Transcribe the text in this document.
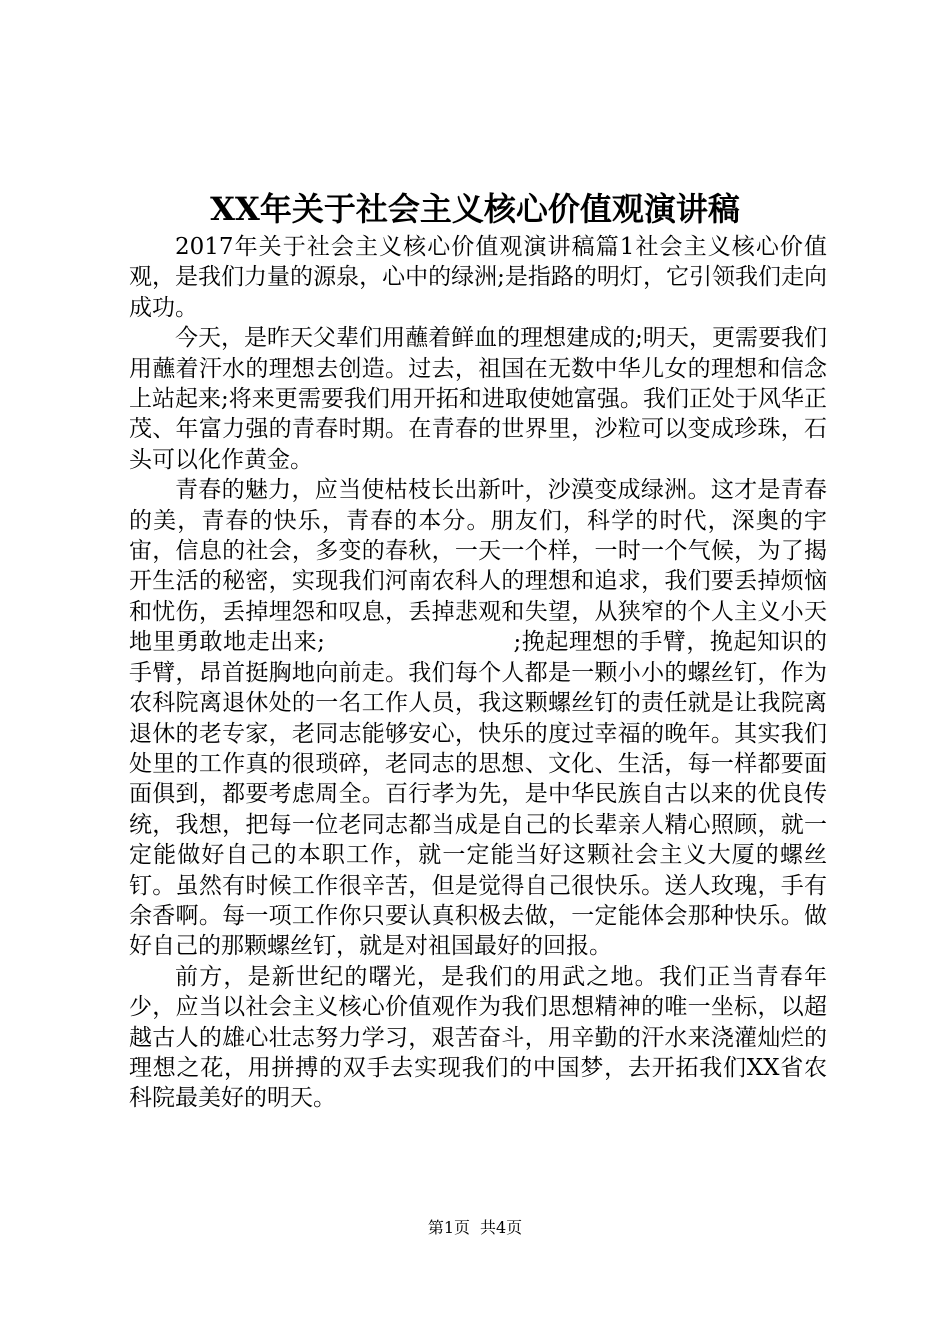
XX年关于社会主义核心价值观演讲稿

2017年关于社会主义核心价值观演讲稿篇1社会主义核心价值观，是我们力量的源泉，心中的绿洲;是指路的明灯，它引领我们走向成功。

今天，是昨天父辈们用蘸着鲜血的理想建成的;明天，更需要我们用蘸着汗水的理想去创造。过去，祖国在无数中华儿女的理想和信念上站起来;将来更需要我们用开拓和进取使她富强。我们正处于风华正茂、年富力强的青春时期。在青春的世界里，沙粒可以变成珍珠，石头可以化作黄金。

青春的魅力，应当使枯枝长出新叶，沙漠变成绿洲。这才是青春的美，青春的快乐，青春的本分。朋友们，科学的时代，深奥的宇宙，信息的社会，多变的春秋，一天一个样，一时一个气候，为了揭开生活的秘密，实现我们河南农科人的理想和追求，我们要丢掉烦恼和忧伤，丢掉埋怨和叹息，丢掉悲观和失望，从狭窄的个人主义小天地里勇敢地走出来;　　　　　　　　;挽起理想的手臂，挽起知识的手臂，昂首挺胸地向前走。我们每个人都是一颗小小的螺丝钉，作为农科院离退休处的一名工作人员，我这颗螺丝钉的责任就是让我院离退休的老专家，老同志能够安心，快乐的度过幸福的晚年。其实我们处里的工作真的很琐碎，老同志的思想、文化、生活，每一样都要面面俱到，都要考虑周全。百行孝为先，是中华民族自古以来的优良传统，我想，把每一位老同志都当成是自己的长辈亲人精心照顾，就一定能做好自己的本职工作，就一定能当好这颗社会主义大厦的螺丝钉。虽然有时候工作很辛苦，但是觉得自己很快乐。送人玫瑰，手有余香啊。每一项工作你只要认真积极去做，一定能体会那种快乐。做好自己的那颗螺丝钉，就是对祖国最好的回报。

前方，是新世纪的曙光，是我们的用武之地。我们正当青春年少，应当以社会主义核心价值观作为我们思想精神的唯一坐标，以超越古人的雄心壮志努力学习，艰苦奋斗，用辛勤的汗水来浇灌灿烂的理想之花，用拼搏的双手去实现我们的中国梦，去开拓我们XX省农科院最美好的明天。

第1页 共4页
